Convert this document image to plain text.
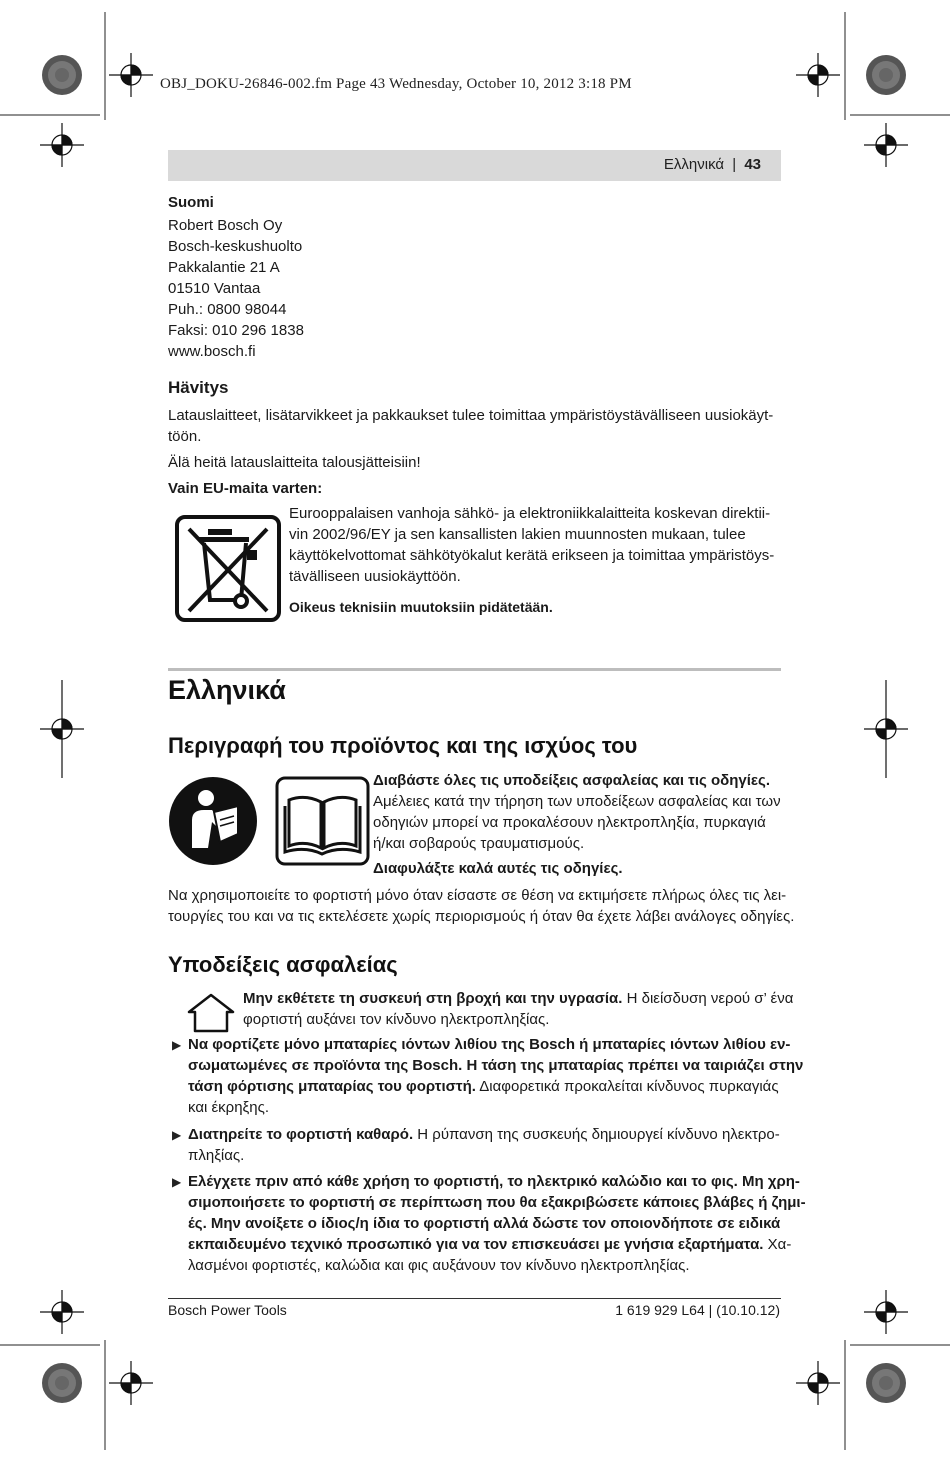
OBJ_DOKU-26846-002.fm Page 43 Wednesday, October 10, 2012 3:18 PM
Ελληνικά | 43
Suomi
Robert Bosch Oy
Bosch-keskushuolto
Pakkalantie 21 A
01510 Vantaa
Puh.: 0800 98044
Faksi: 010 296 1838
www.bosch.fi
Hävitys
Latauslaitteet, lisätarvikkeet ja pakkaukset tulee toimittaa ympäristöystävälliseen uusiokäyt-
töön.
Älä heitä latauslaitteita talousjätteisiin!
Vain EU-maita varten:
Eurooppalaisen vanhoja sähkö- ja elektroniikkalaitteita koskevan direktii-
vin 2002/96/EY ja sen kansallisten lakien muunnosten mukaan, tulee
käyttökelvottomat sähkötyökalut kerätä erikseen ja toimittaa ympäristöys-
tävälliseen uusiokäyttöön.
Oikeus teknisiin muutoksiin pidätetään.
Ελληνικά
Περιγραφή του προϊόντος και της ισχύος του
Διαβάστε όλες τις υποδείξεις ασφαλείας και τις οδηγίες.
Αμέλειες κατά την τήρηση των υποδείξεων ασφαλείας και των
οδηγιών μπορεί να προκαλέσουν ηλεκτροπληξία, πυρκαγιά
ή/και σοβαρούς τραυματισμούς.
Διαφυλάξτε καλά αυτές τις οδηγίες.
Να χρησιμοποιείτε το φορτιστή μόνο όταν είσαστε σε θέση να εκτιμήσετε πλήρως όλες τις λει-
τουργίες του και να τις εκτελέσετε χωρίς περιορισμούς ή όταν θα έχετε λάβει ανάλογες οδηγίες.
Υποδείξεις ασφαλείας
Μην εκθέτετε τη συσκευή στη βροχή και την υγρασία. Η διείσδυση νερού σ’ ένα
φορτιστή αυξάνει τον κίνδυνο ηλεκτροπληξίας.
▶ Να φορτίζετε μόνο μπαταρίες ιόντων λιθίου της Bosch ή μπαταρίες ιόντων λιθίου εν-
σωματωμένες σε προϊόντα της Bosch. Η τάση της μπαταρίας πρέπει να ταιριάζει στην
τάση φόρτισης μπαταρίας του φορτιστή. Διαφορετικά προκαλείται κίνδυνος πυρκαγιάς
και έκρηξης.
▶ Διατηρείτε το φορτιστή καθαρό. Η ρύπανση της συσκευής δημιουργεί κίνδυνο ηλεκτρο-
πληξίας.
▶ Ελέγχετε πριν από κάθε χρήση το φορτιστή, το ηλεκτρικό καλώδιο και το φις. Μη χρη-
σιμοποιήσετε το φορτιστή σε περίπτωση που θα εξακριβώσετε κάποιες βλάβες ή ζημι-
ές. Μην ανοίξετε ο ίδιος/η ίδια το φορτιστή αλλά δώστε τον οποιονδήποτε σε ειδικά
εκπαιδευμένο τεχνικό προσωπικό για να τον επισκευάσει με γνήσια εξαρτήματα. Χα-
λασμένοι φορτιστές, καλώδια και φις αυξάνουν τον κίνδυνο ηλεκτροπληξίας.
Bosch Power Tools	1 619 929 L64 | (10.10.12)
